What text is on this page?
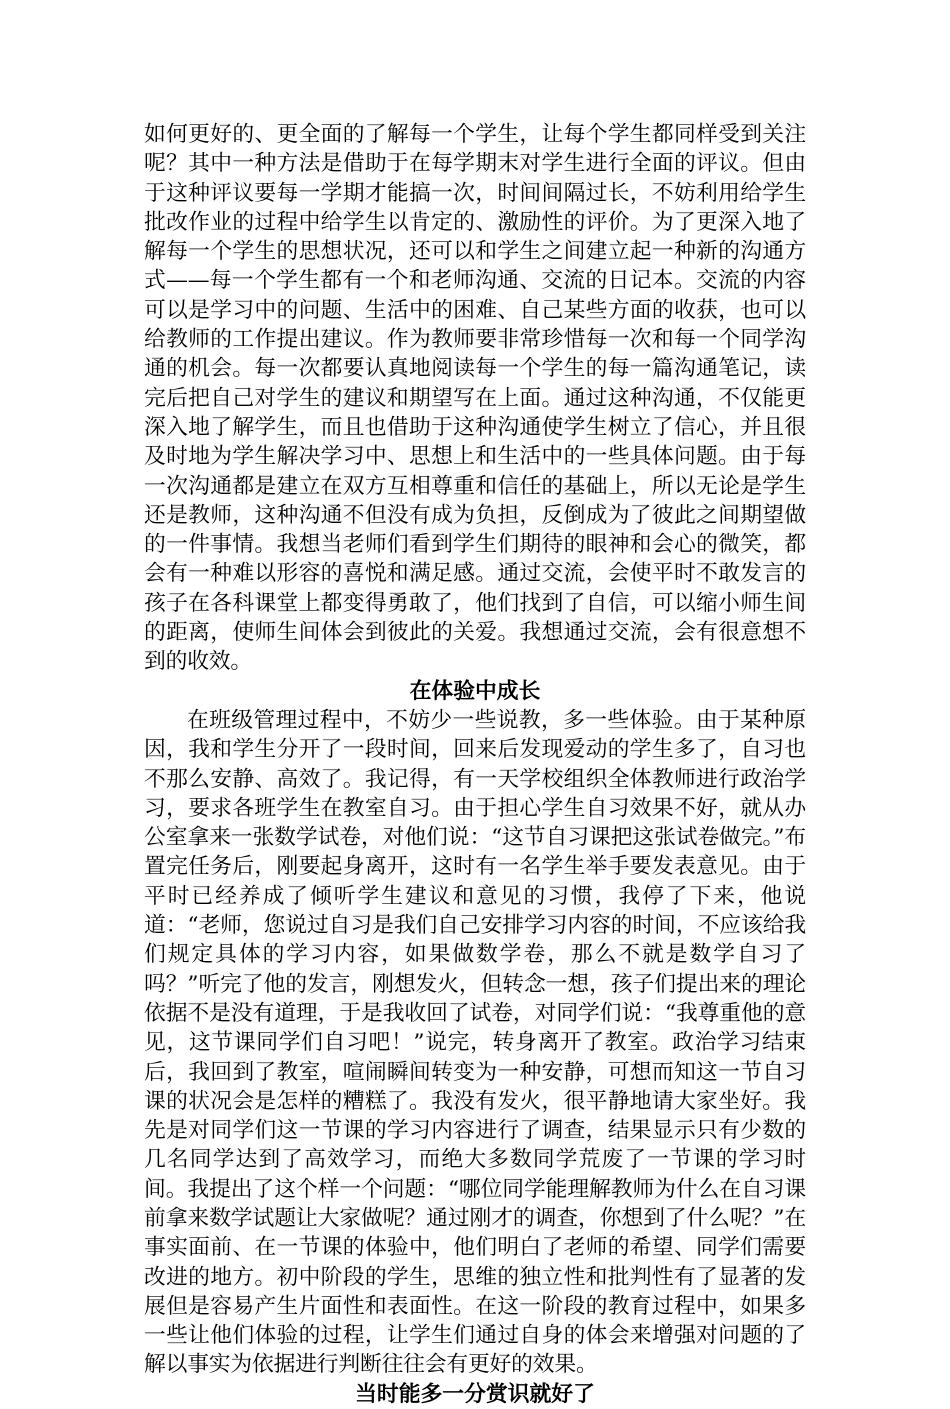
如何更好的、更全面的了解每一个学生，让每个学生都同样受到关注呢？其中一种方法是借助于在每学期末对学生进行全面的评议。但由于这种评议要每一学期才能搞一次，时间间隔过长，不妨利用给学生批改作业的过程中给学生以肯定的、激励性的评价。为了更深入地了解每一个学生的思想状况，还可以和学生之间建立起一种新的沟通方式——每一个学生都有一个和老师沟通、交流的日记本。交流的内容可以是学习中的问题、生活中的困难、自己某些方面的收获，也可以给教师的工作提出建议。作为教师要非常珍惜每一次和每一个同学沟通的机会。每一次都要认真地阅读每一个学生的每一篇沟通笔记，读完后把自己对学生的建议和期望写在上面。通过这种沟通，不仅能更深入地了解学生，而且也借助于这种沟通使学生树立了信心，并且很及时地为学生解决学习中、思想上和生活中的一些具体问题。由于每一次沟通都是建立在双方互相尊重和信任的基础上，所以无论是学生还是教师，这种沟通不但没有成为负担，反倒成为了彼此之间期望做的一件事情。我想当老师们看到学生们期待的眼神和会心的微笑，都会有一种难以形容的喜悦和满足感。通过交流，会使平时不敢发言的孩子在各科课堂上都变得勇敢了，他们找到了自信，可以缩小师生间的距离，使师生间体会到彼此的关爱。我想通过交流，会有很意想不到的收效。

在体验中成长

在班级管理过程中，不妨少一些说教，多一些体验。由于某种原因，我和学生分开了一段时间，回来后发现爱动的学生多了，自习也不那么安静、高效了。我记得，有一天学校组织全体教师进行政治学习，要求各班学生在教室自习。由于担心学生自习效果不好，就从办公室拿来一张数学试卷，对他们说：“这节自习课把这张试卷做完。”布置完任务后，刚要起身离开，这时有一名学生举手要发表意见。由于平时已经养成了倾听学生建议和意见的习惯，我停了下来，他说道：“老师，您说过自习是我们自己安排学习内容的时间，不应该给我们规定具体的学习内容，如果做数学卷，那么不就是数学自习了吗？”听完了他的发言，刚想发火，但转念一想，孩子们提出来的理论依据不是没有道理，于是我收回了试卷，对同学们说：“我尊重他的意见，这节课同学们自习吧！”说完，转身离开了教室。政治学习结束后，我回到了教室，喧闹瞬间转变为一种安静，可想而知这一节自习课的状况会是怎样的糟糕了。我没有发火，很平静地请大家坐好。我先是对同学们这一节课的学习内容进行了调查，结果显示只有少数的几名同学达到了高效学习，而绝大多数同学荒废了一节课的学习时间。我提出了这个样一个问题：“哪位同学能理解教师为什么在自习课前拿来数学试题让大家做呢？通过刚才的调查，你想到了什么呢？”在事实面前、在一节课的体验中，他们明白了老师的希望、同学们需要改进的地方。初中阶段的学生，思维的独立性和批判性有了显著的发展但是容易产生片面性和表面性。在这一阶段的教育过程中，如果多一些让他们体验的过程，让学生们通过自身的体会来增强对问题的了解以事实为依据进行判断往往会有更好的效果。

当时能多一分赏识就好了
